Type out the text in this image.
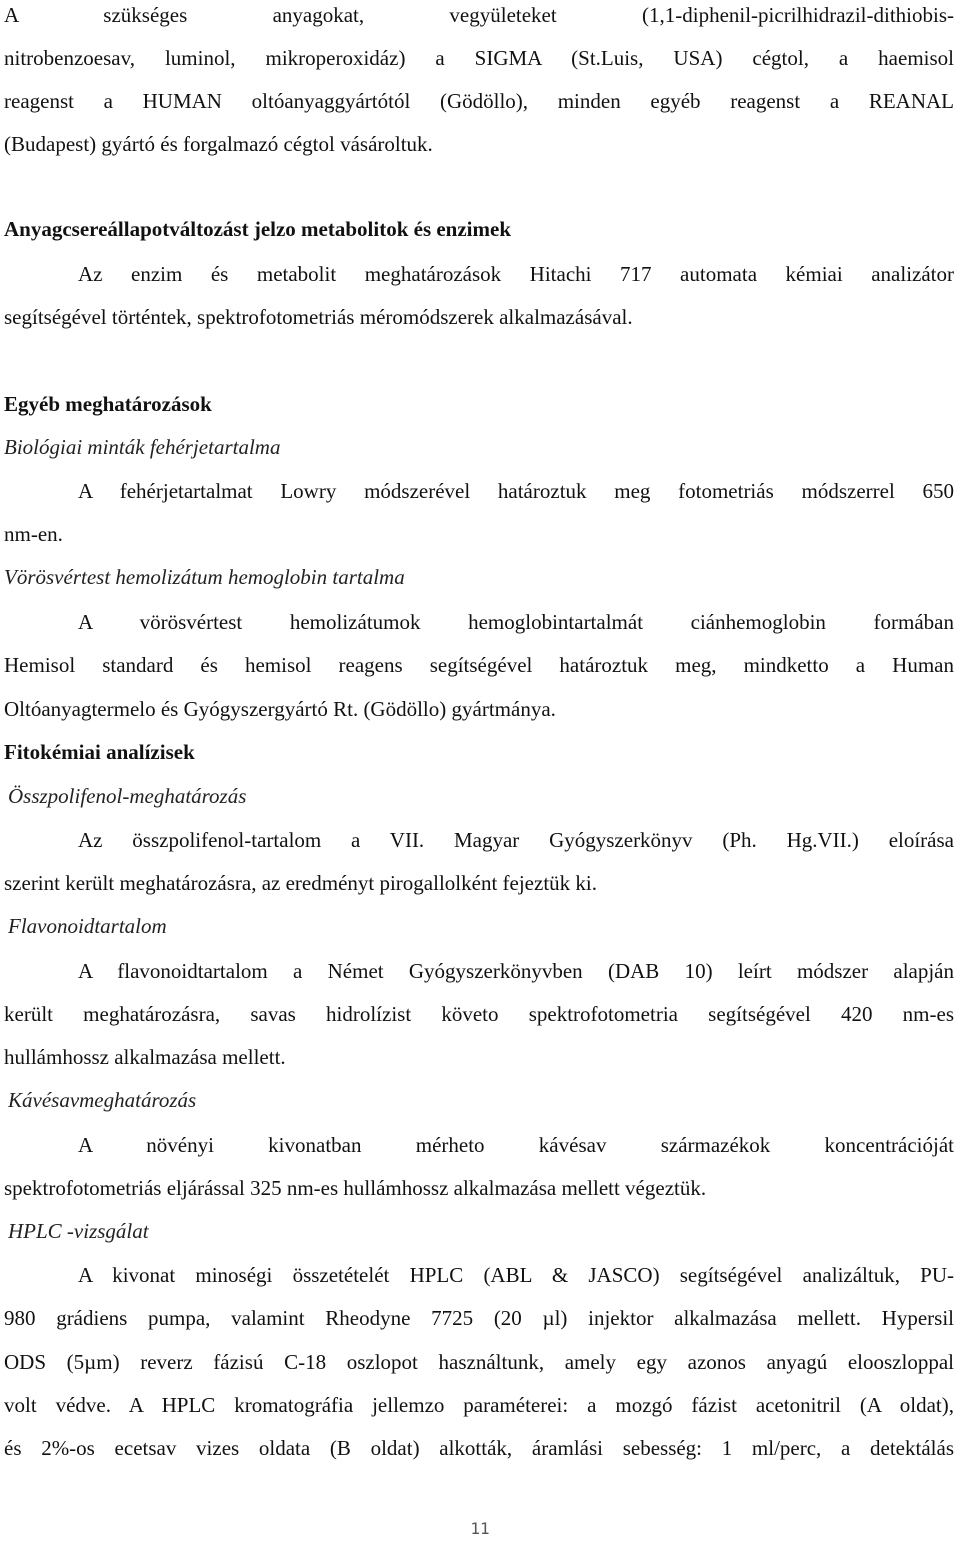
A szükséges anyagokat, vegyületeket (1,1-diphenil-picrilhidrazil-dithiobis-
nitrobenzoesav, luminol, mikroperoxidáz) a SIGMA (St.Luis, USA) cégtol, a haemisol
reagenst a HUMAN oltóanyaggyártótól (Gödöllo), minden egyéb reagenst a REANAL
(Budapest) gyártó és forgalmazó cégtol vásároltuk.
Anyagcsereállapotváltozást jelzo metabolitok és enzimek
Az enzim és metabolit meghatározások Hitachi 717 automata kémiai analizátor
segítségével történtek, spektrofotometriás méromódszerek alkalmazásával.
Egyéb meghatározások
Biológiai minták fehérjetartalma
A fehérjetartalmat Lowry módszerével határoztuk meg fotometriás módszerrel 650
nm-en.
Vörösvértest hemolizátum hemoglobin tartalma
A vörösvértest hemolizátumok hemoglobintartalmát ciánhemoglobin formában
Hemisol standard és hemisol reagens segítségével határoztuk meg, mindketto a Human
Oltóanyagtermelo és Gyógyszergyártó Rt. (Gödöllo) gyártmánya.
Fitokémiai analízisek
Összpolifenol-meghatározás
Az összpolifenol-tartalom a VII. Magyar Gyógyszerkönyv (Ph. Hg.VII.) eloírása
szerint került meghatározásra, az eredményt pirogallolként fejeztük ki.
Flavonoidtartalom
A flavonoidtartalom a Német Gyógyszerkönyvben (DAB 10) leírt módszer alapján
került meghatározásra, savas hidrolízist követo spektrofotometria segítségével 420 nm-es
hullámhossz alkalmazása mellett.
Kávésavmeghatározás
A növényi kivonatban mérheto kávésav származékok koncentrációját
spektrofotometriás eljárással 325 nm-es hullámhossz alkalmazása mellett végeztük.
HPLC -vizsgálat
A kivonat minoségi összetételét HPLC (ABL & JASCO) segítségével analizáltuk, PU-
980 grádiens pumpa, valamint Rheodyne 7725 (20 µl) injektor alkalmazása mellett. Hypersil
ODS (5µm) reverz fázisú C-18 oszlopot használtunk, amely egy azonos anyagú elooszloppal
volt védve. A HPLC kromatográfia jellemzo paraméterei: a mozgó fázist acetonitril (A oldat),
és 2%-os ecetsav vizes oldata (B oldat) alkották, áramlási sebesség: 1 ml/perc, a detektálás
11
